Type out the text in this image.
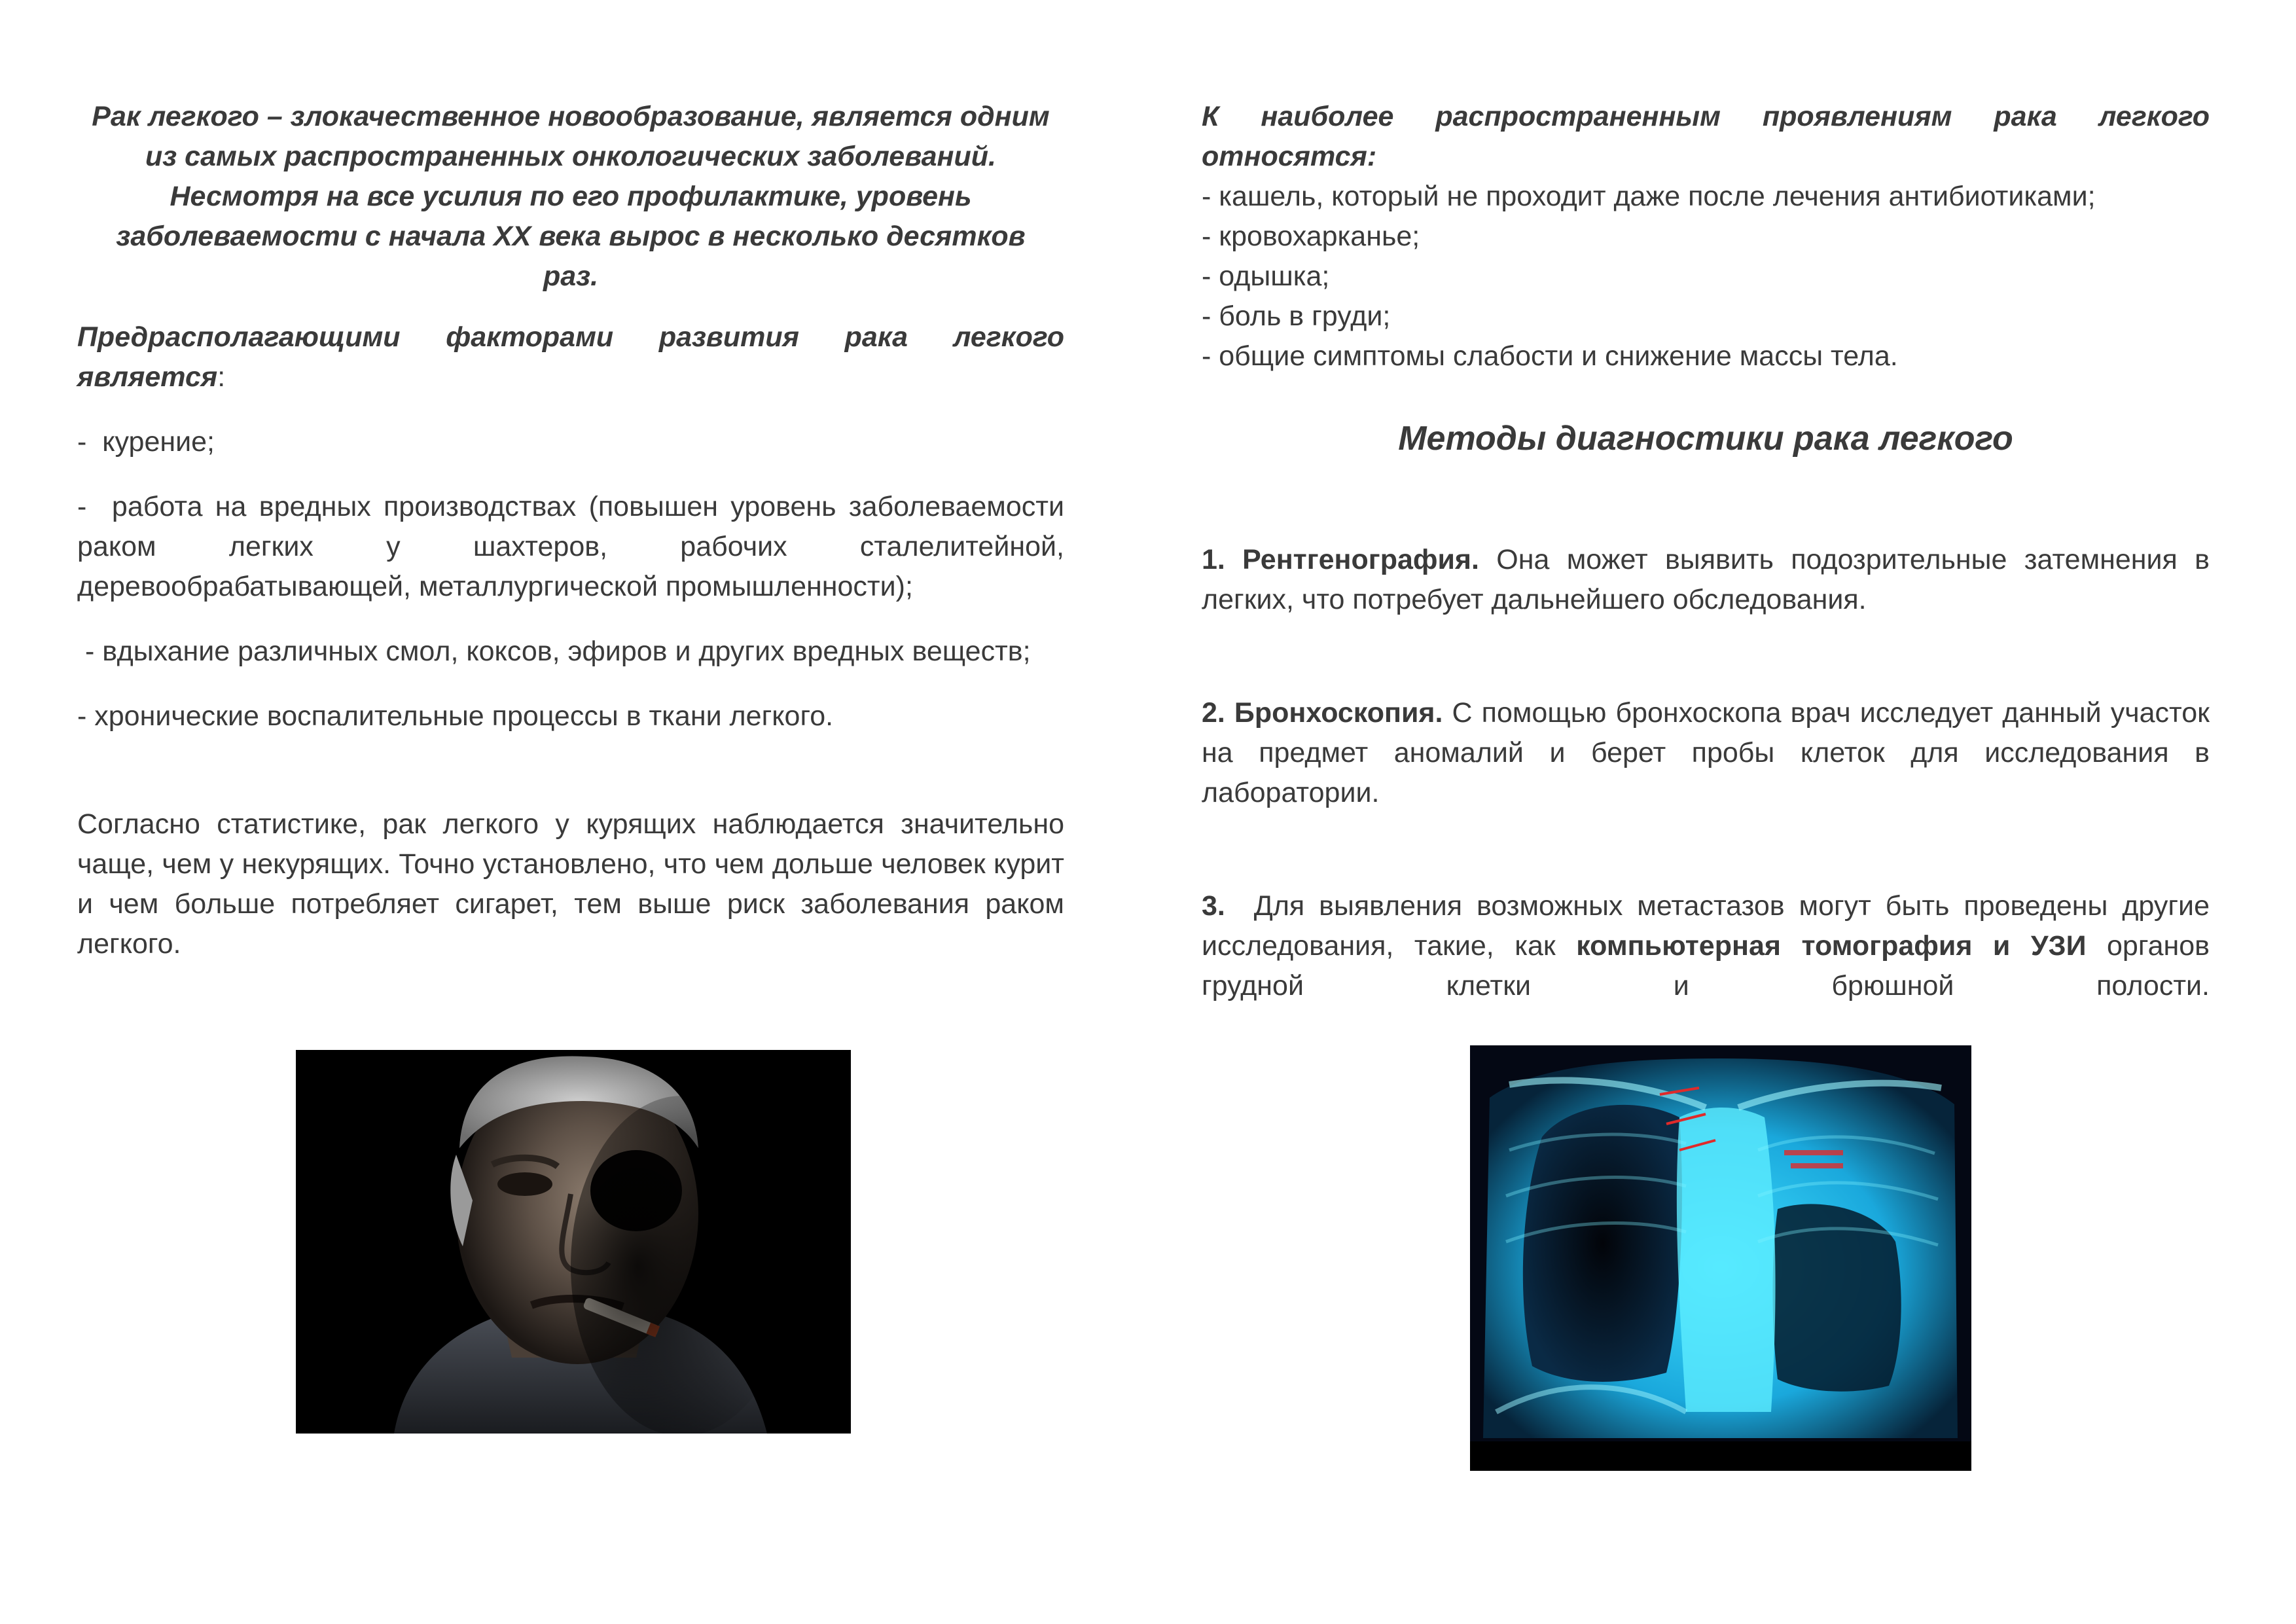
Рак легкого – злокачественное новообразование, является одним
из самых распространенных онкологических заболеваний.
Несмотря на все усилия по его профилактике, уровень
заболеваемости с начала XX века вырос в несколько десятков
раз.

Предрасполагающими факторами развития рака легкого является:

-  курение;

-  работа на вредных производствах (повышен уровень заболеваемости раком легких у шахтеров, рабочих сталелитейной, деревообрабатывающей, металлургической промышленности);

- вдыхание различных смол, коксов, эфиров и других вредных веществ;

- хронические воспалительные процессы в ткани легкого.

Согласно статистике, рак легкого у курящих наблюдается значительно чаще, чем у некурящих. Точно установлено, что чем дольше человек курит и чем больше потребляет сигарет, тем выше риск заболевания раком легкого.

К наиболее распространенным проявлениям рака легкого относятся:

- кашель, который не проходит даже после лечения антибиотиками;
- кровохарканье;
- одышка;
- боль в груди;
- общие симптомы слабости и снижение массы тела.
Методы диагностики рака легкого

1. Рентгенография. Она может выявить подозрительные затемнения в легких, что потребует дальнейшего обследования.

2. Бронхоскопия. С помощью бронхоскопа врач исследует данный участок на предмет аномалий и берет пробы клеток для исследования в лаборатории.

3.  Для выявления возможных метастазов могут быть проведены другие исследования, такие, как компьютерная томография и УЗИ органов грудной клетки и брюшной полости.
